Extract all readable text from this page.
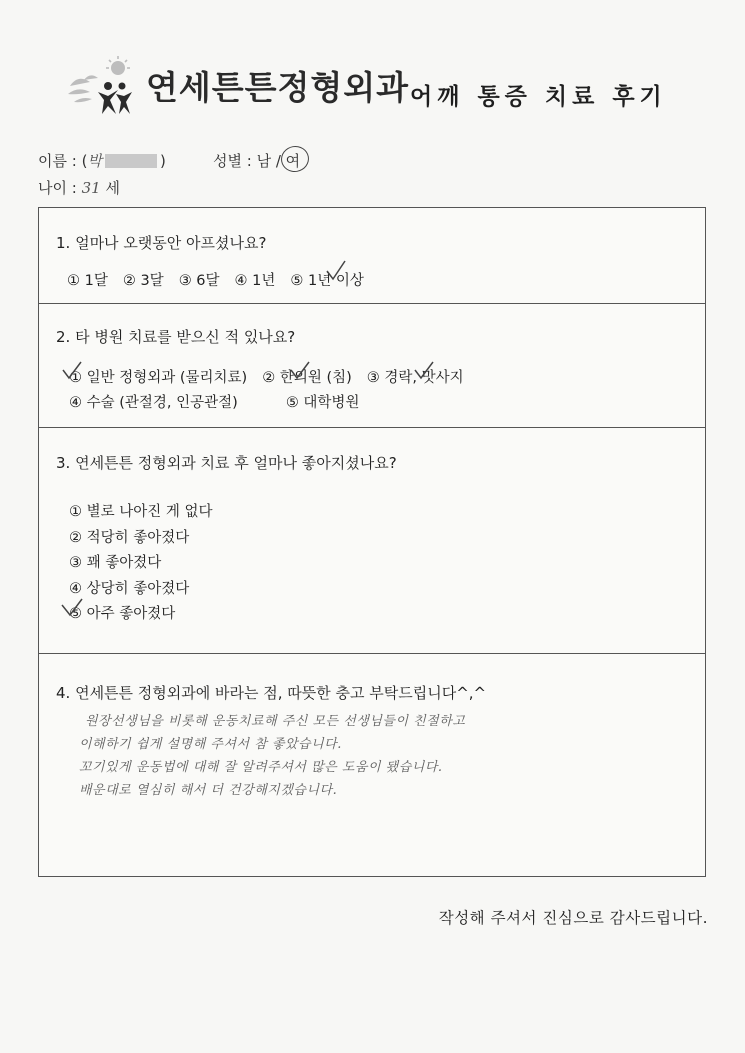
연세튼튼정형외과 어깨 통증 치료 후기
이름 : (박	)	성별 : 남 / 여
나이 : 31 세
1. 얼마나 오랫동안 아프셨나요?
① 1달 ② 3달 ③ 6달 ④ 1년 ⑤ 1년 이상
2. 타 병원 치료를 받으신 적 있나요?
① 일반 정형외과 (물리치료) ② 한의원 (침) ③ 경락, 맛사지
④ 수술 (관절경, 인공관절)	⑤ 대학병원
3. 연세튼튼 정형외과 치료 후 얼마나 좋아지셨나요?
① 별로 나아진 게 없다
② 적당히 좋아졌다
③ 꽤 좋아졌다
④ 상당히 좋아졌다
⑤ 아주 좋아졌다
4. 연세튼튼 정형외과에 바라는 점, 따뜻한 충고 부탁드립니다^,^
원장선생님을 비롯해 운동치료해 주신 모든 선생님들이 친절하고
이해하기 쉽게 설명해 주셔서 참 좋았습니다.
꼬기있게 운동법에 대해 잘 알려주셔서 많은 도움이 됐습니다.
배운대로 열심히 해서 더 건강해지겠습니다.
작성해 주셔서 진심으로 감사드립니다.
